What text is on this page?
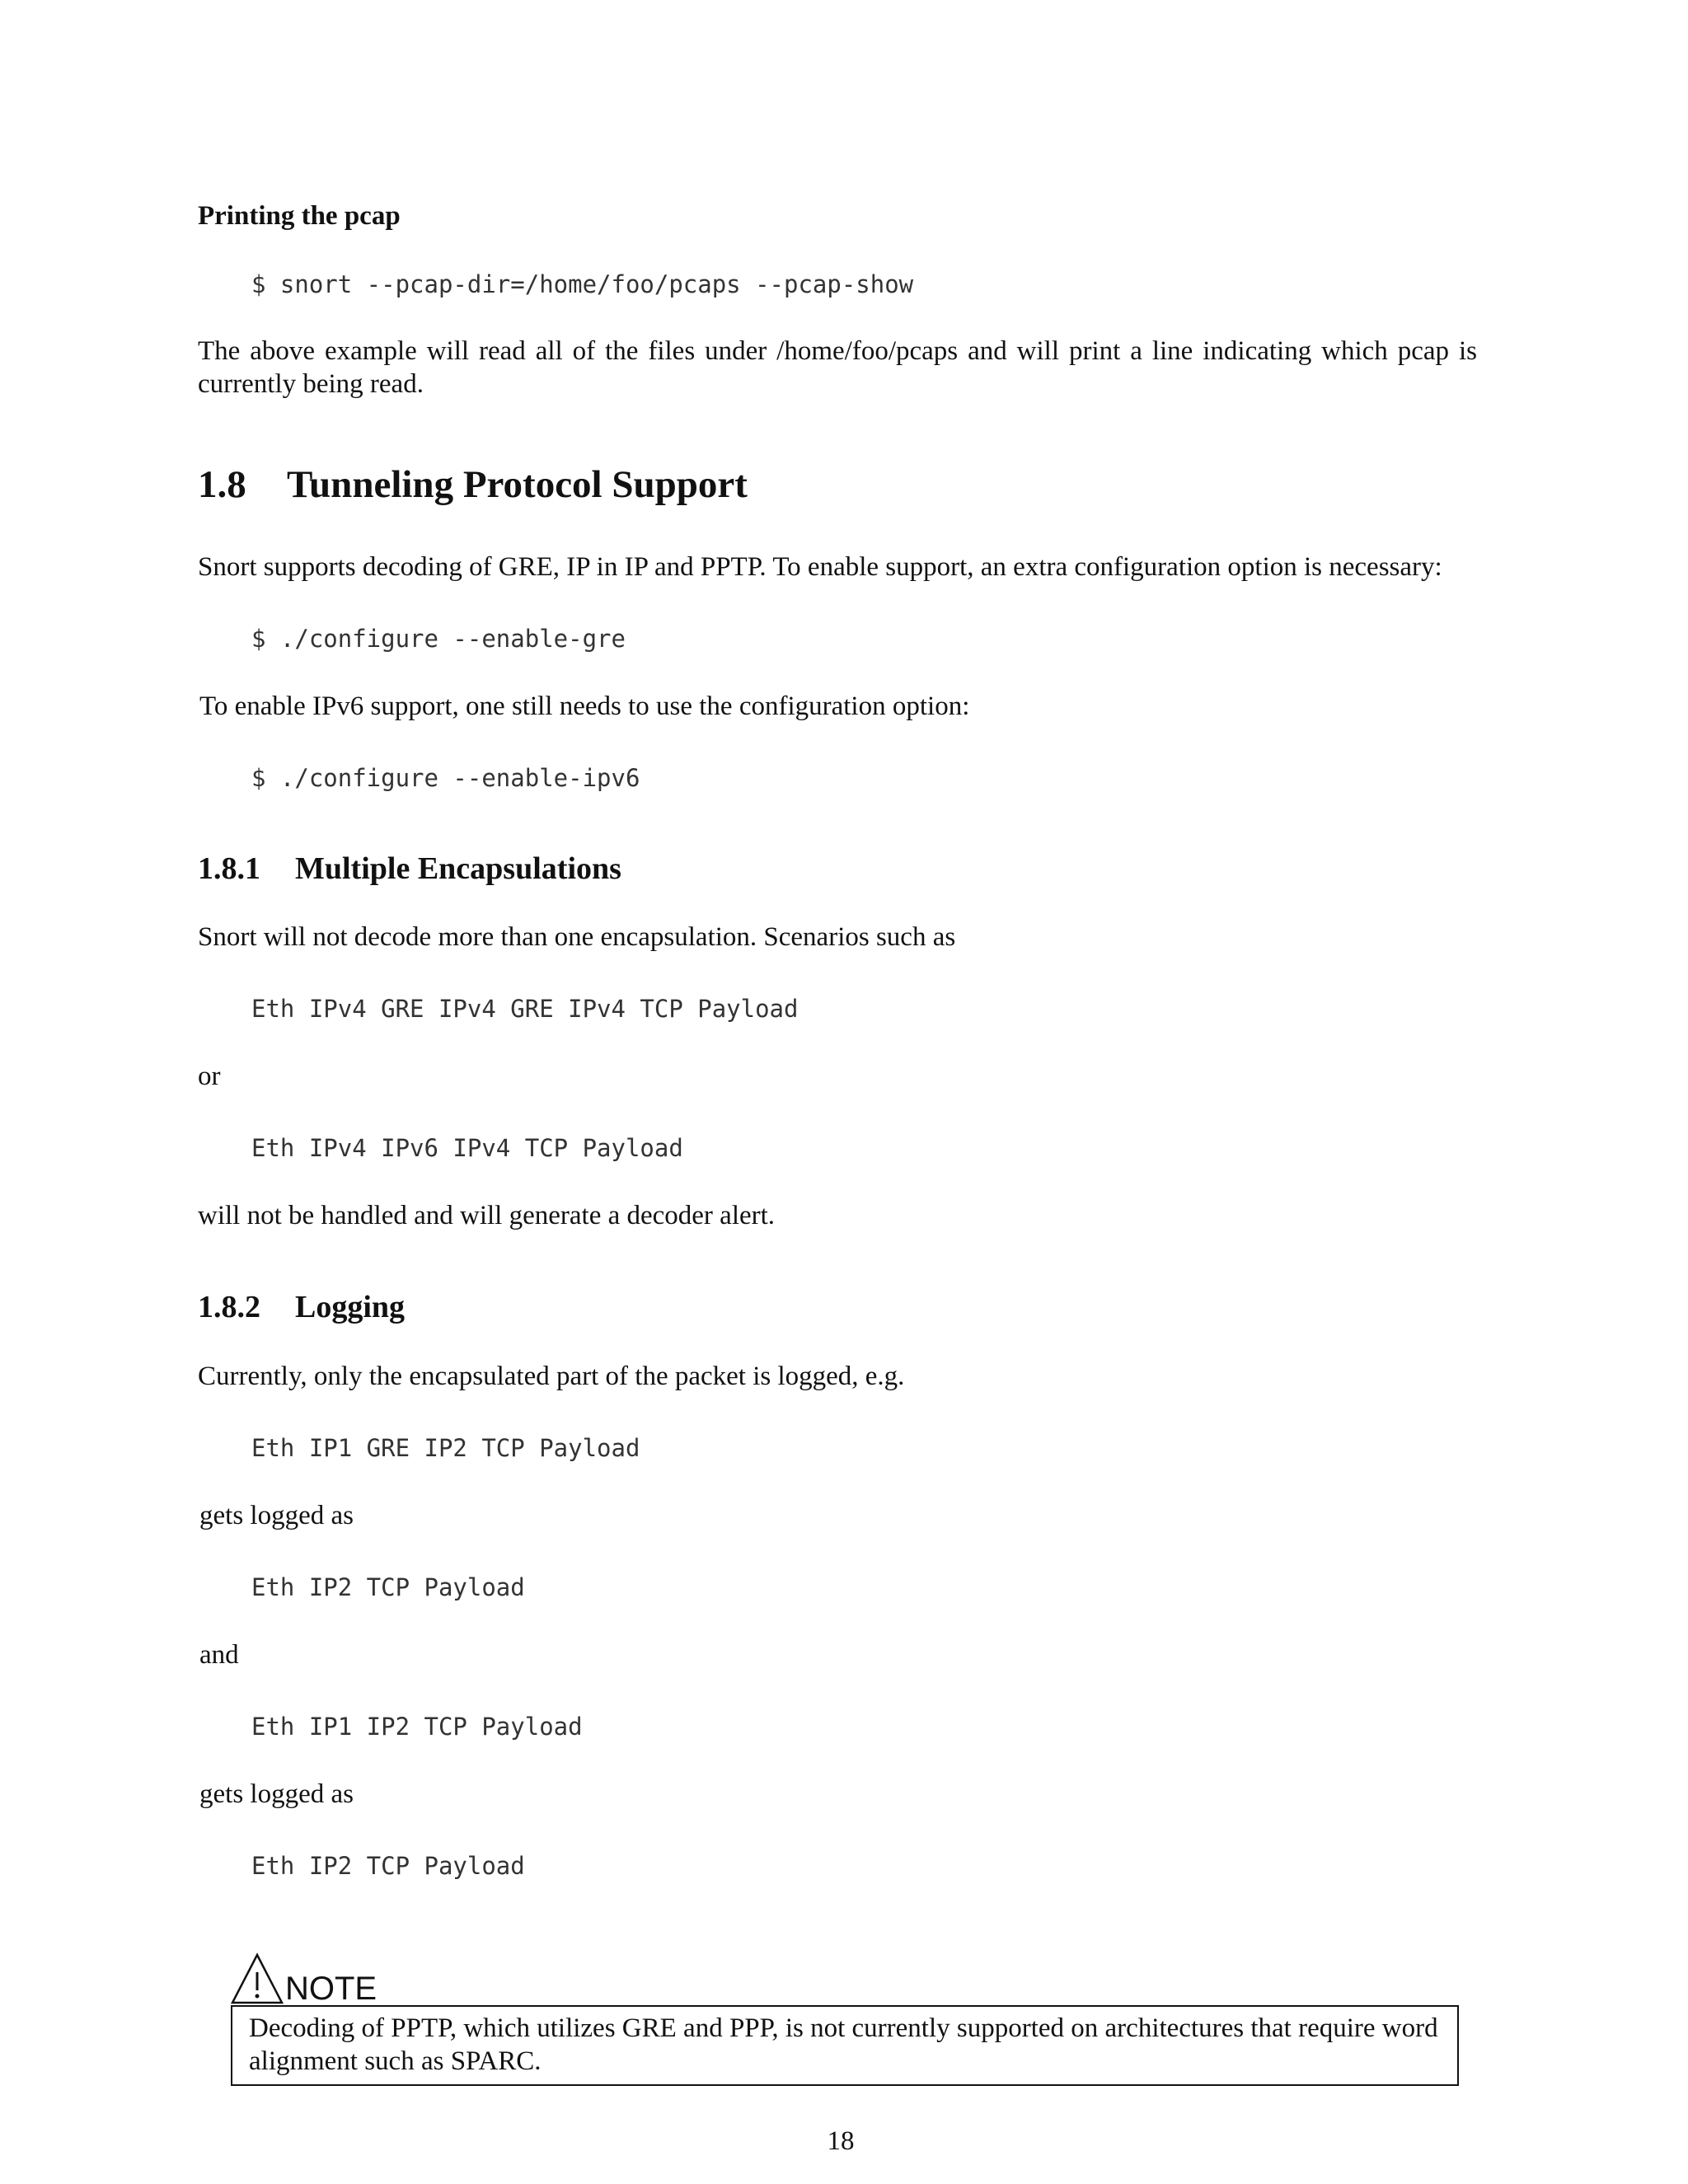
Printing the pcap
$ snort --pcap-dir=/home/foo/pcaps --pcap-show
The above example will read all of the files under /home/foo/pcaps and will print a line indicating which pcap is currently being read.
1.8 Tunneling Protocol Support
Snort supports decoding of GRE, IP in IP and PPTP. To enable support, an extra configuration option is necessary:
$ ./configure --enable-gre
To enable IPv6 support, one still needs to use the configuration option:
$ ./configure --enable-ipv6
1.8.1 Multiple Encapsulations
Snort will not decode more than one encapsulation. Scenarios such as
Eth IPv4 GRE IPv4 GRE IPv4 TCP Payload
or
Eth IPv4 IPv6 IPv4 TCP Payload
will not be handled and will generate a decoder alert.
1.8.2 Logging
Currently, only the encapsulated part of the packet is logged, e.g.
Eth IP1 GRE IP2 TCP Payload
gets logged as
Eth IP2 TCP Payload
and
Eth IP1 IP2 TCP Payload
gets logged as
Eth IP2 TCP Payload
NOTE
Decoding of PPTP, which utilizes GRE and PPP, is not currently supported on architectures that require word alignment such as SPARC.
18
